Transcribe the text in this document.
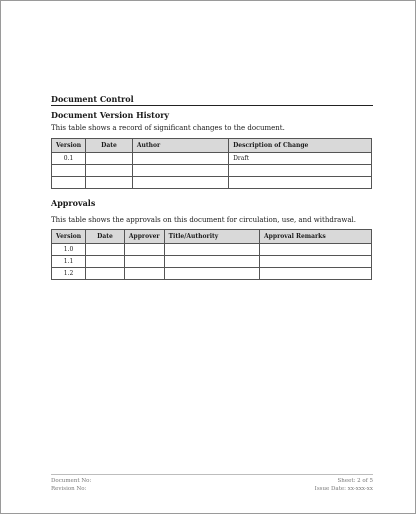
Document Control
Document Version History
This table shows a record of significant changes to the document.
Version	Date	Author	Description of Change
0.1			Draft

Approvals
This table shows the approvals on this document for circulation, use, and withdrawal.
Version	Date	Approver	Title/Authority	Approval Remarks
1.0				
1.1				
1.2				
Document No:	Sheet: 2 of 5
Revision No:	Issue Date: xx-xxx-xx
